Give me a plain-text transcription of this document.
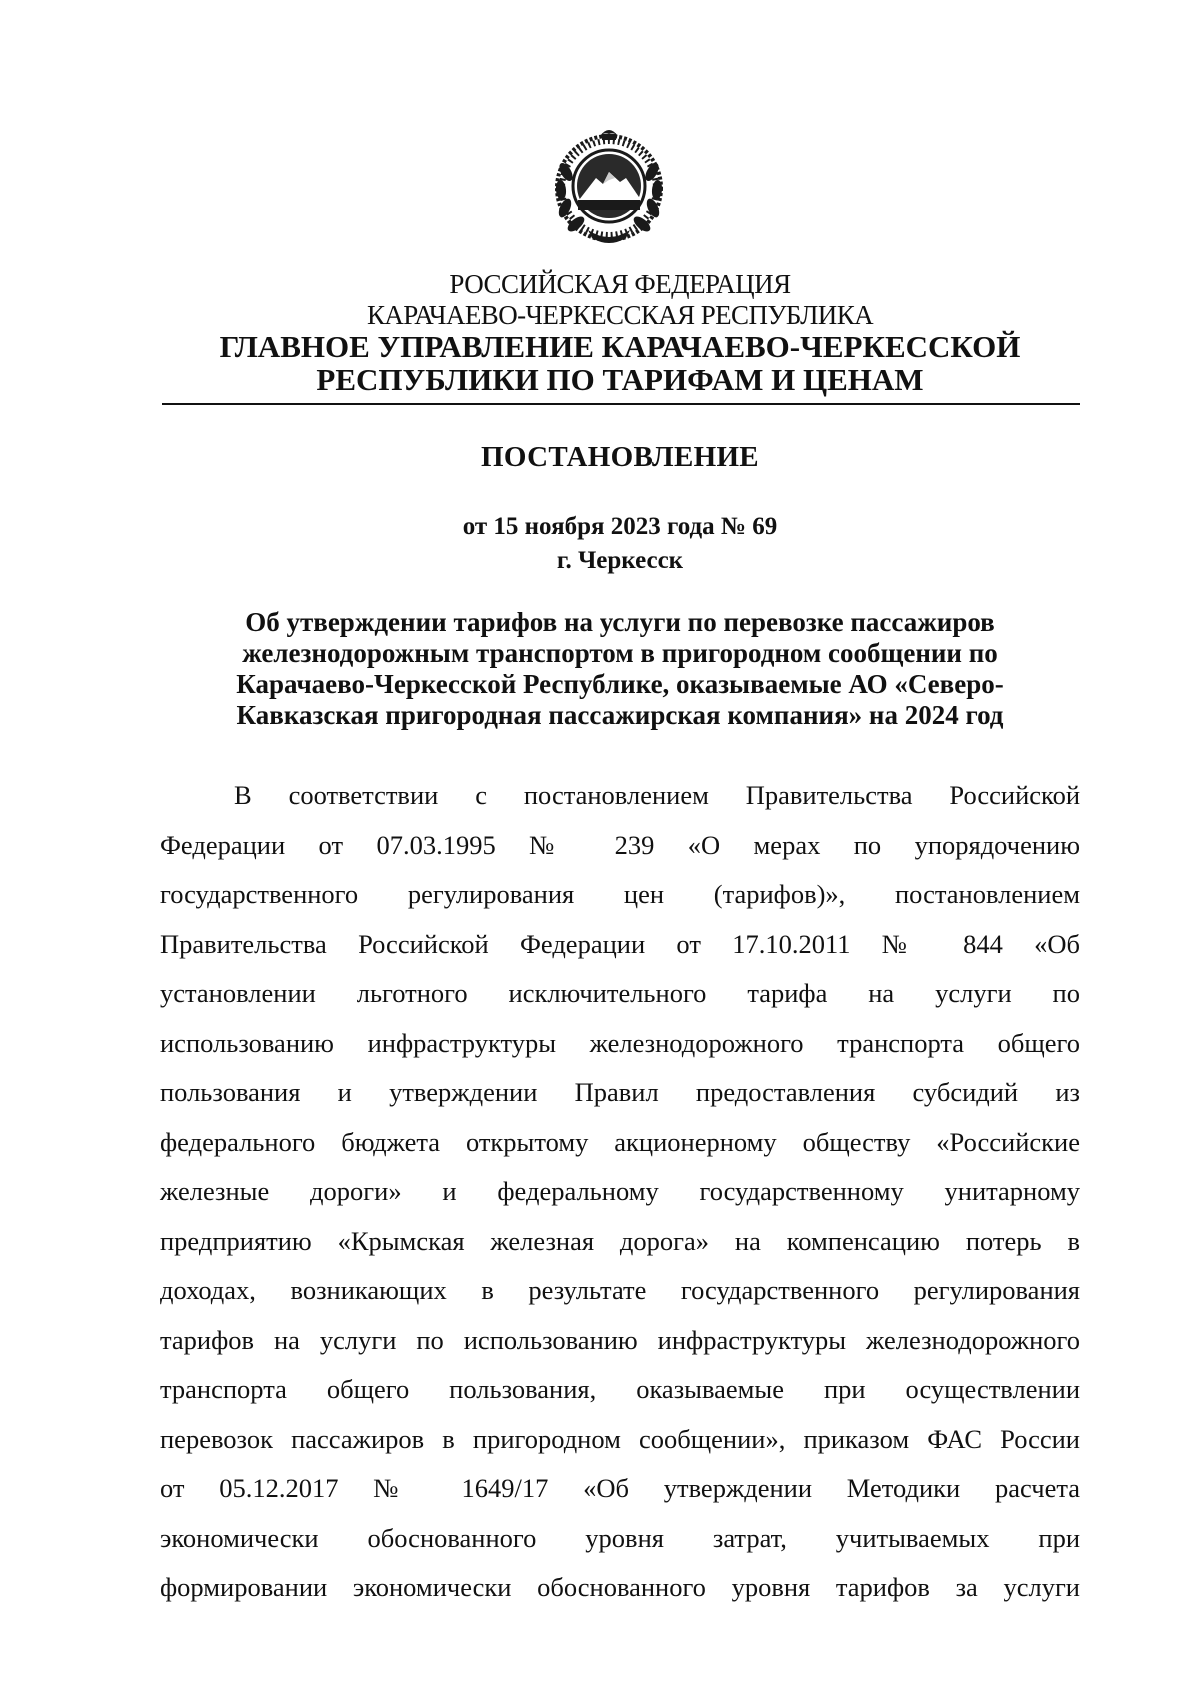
РОССИЙСКАЯ ФЕДЕРАЦИЯ
КАРАЧАЕВО-ЧЕРКЕССКАЯ РЕСПУБЛИКА
ГЛАВНОЕ УПРАВЛЕНИЕ КАРАЧАЕВО-ЧЕРКЕССКОЙ
РЕСПУБЛИКИ ПО ТАРИФАМ И ЦЕНАМ
ПОСТАНОВЛЕНИЕ
от 15 ноября 2023 года № 69
г. Черкесск
Об утверждении тарифов на услуги по перевозке пассажиров
железнодорожным транспортом в пригородном сообщении по
Карачаево-Черкесской Республике, оказываемые АО «Северо-
Кавказская пригородная пассажирская компания» на 2024 год
В соответствии с постановлением Правительства Российской
Федерации от 07.03.1995 № 239 «О мерах по упорядочению
государственного регулирования цен (тарифов)», постановлением
Правительства Российской Федерации от 17.10.2011 № 844 «Об
установлении льготного исключительного тарифа на услуги по
использованию инфраструктуры железнодорожного транспорта общего
пользования и утверждении Правил предоставления субсидий из
федерального бюджета открытому акционерному обществу «Российские
железные дороги» и федеральному государственному унитарному
предприятию «Крымская железная дорога» на компенсацию потерь в
доходах, возникающих в результате государственного регулирования
тарифов на услуги по использованию инфраструктуры железнодорожного
транспорта общего пользования, оказываемые при осуществлении
перевозок пассажиров в пригородном сообщении», приказом ФАС России
от 05.12.2017 № 1649/17 «Об утверждении Методики расчета
экономически обоснованного уровня затрат, учитываемых при
формировании экономически обоснованного уровня тарифов за услуги
